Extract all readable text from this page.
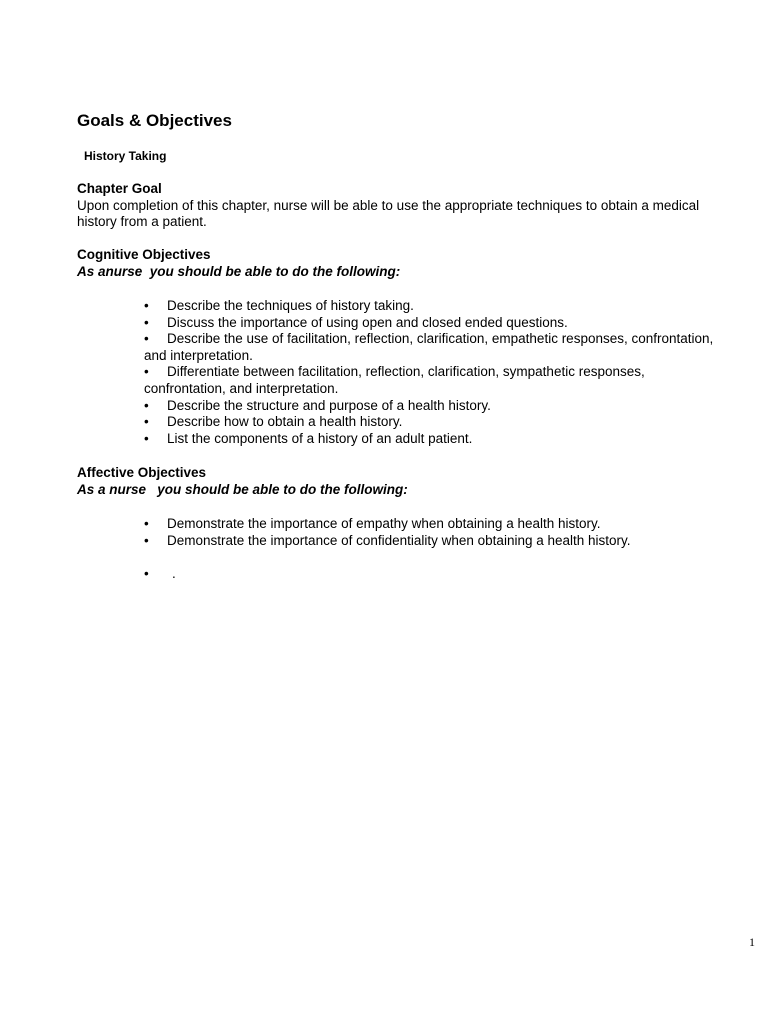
Goals & Objectives
History Taking
Chapter Goal
Upon completion of this chapter, nurse will be able to use the appropriate techniques to obtain a medical
history from a patient.
Cognitive Objectives
As anurse  you should be able to do the following:
• Describe the techniques of history taking.
• Discuss the importance of using open and closed ended questions.
• Describe the use of facilitation, reflection, clarification, empathetic responses, confrontation,
and interpretation.
• Differentiate between facilitation, reflection, clarification, sympathetic responses,
confrontation, and interpretation.
• Describe the structure and purpose of a health history.
• Describe how to obtain a health history.
• List the components of a history of an adult patient.
Affective Objectives
As a nurse   you should be able to do the following:
• Demonstrate the importance of empathy when obtaining a health history.
• Demonstrate the importance of confidentiality when obtaining a health history.
• .
1
